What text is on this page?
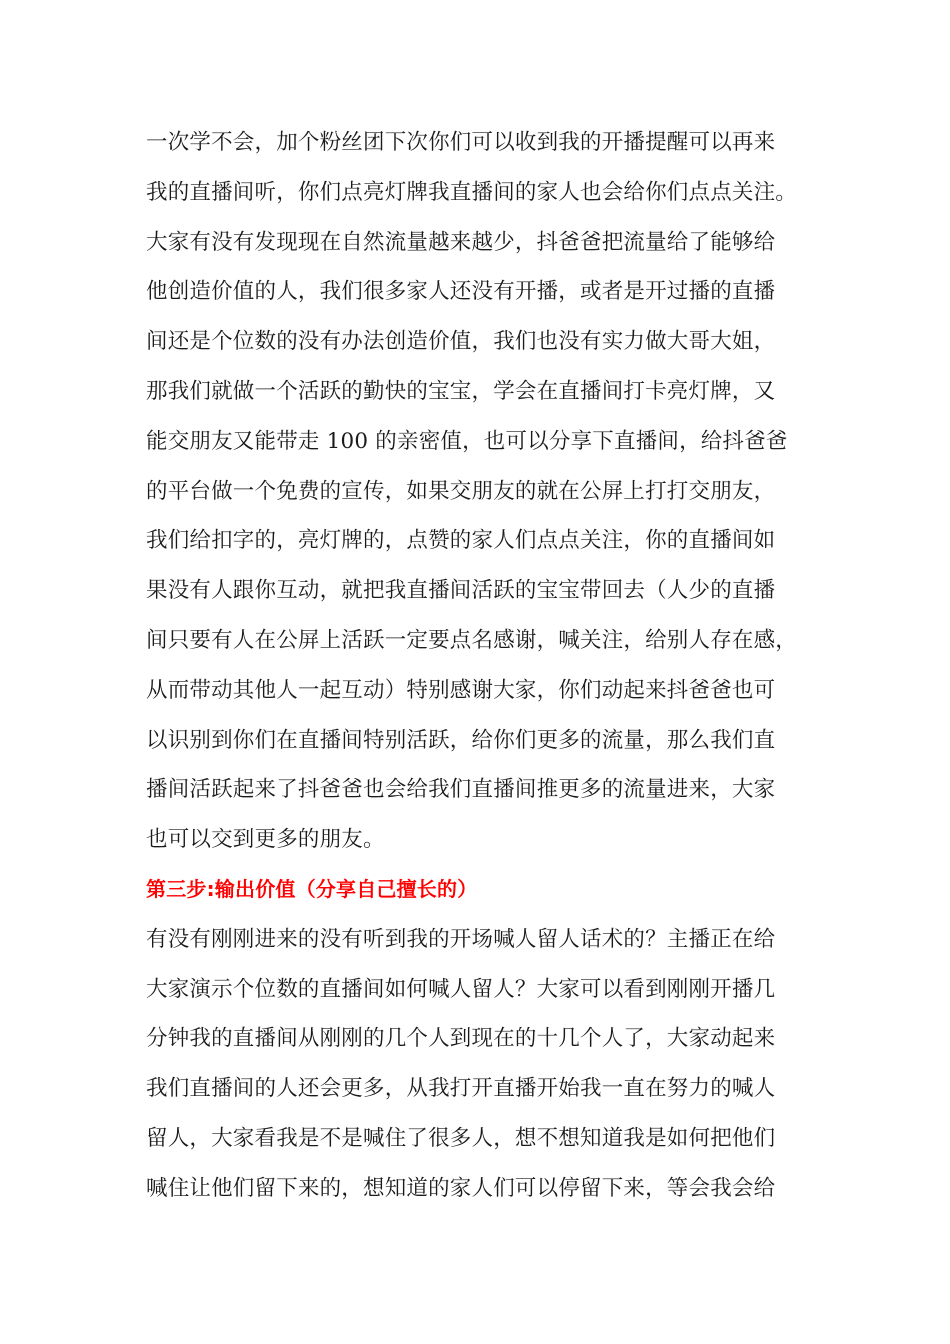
一次学不会，加个粉丝团下次你们可以收到我的开播提醒可以再来
我的直播间听，你们点亮灯牌我直播间的家人也会给你们点点关注。
大家有没有发现现在自然流量越来越少，抖爸爸把流量给了能够给
他创造价值的人，我们很多家人还没有开播，或者是开过播的直播
间还是个位数的没有办法创造价值，我们也没有实力做大哥大姐，
那我们就做一个活跃的勤快的宝宝，学会在直播间打卡亮灯牌，又
能交朋友又能带走 100 的亲密值，也可以分享下直播间，给抖爸爸
的平台做一个免费的宣传，如果交朋友的就在公屏上打打交朋友，
我们给扣字的，亮灯牌的，点赞的家人们点点关注，你的直播间如
果没有人跟你互动，就把我直播间活跃的宝宝带回去（人少的直播
间只要有人在公屏上活跃一定要点名感谢，喊关注，给别人存在感，
从而带动其他人一起互动）特别感谢大家，你们动起来抖爸爸也可
以识别到你们在直播间特别活跃，给你们更多的流量，那么我们直
播间活跃起来了抖爸爸也会给我们直播间推更多的流量进来，大家
也可以交到更多的朋友。
第三步:输出价值（分享自己擅长的）
有没有刚刚进来的没有听到我的开场喊人留人话术的？主播正在给
大家演示个位数的直播间如何喊人留人？大家可以看到刚刚开播几
分钟我的直播间从刚刚的几个人到现在的十几个人了，大家动起来
我们直播间的人还会更多，从我打开直播开始我一直在努力的喊人
留人，大家看我是不是喊住了很多人，想不想知道我是如何把他们
喊住让他们留下来的，想知道的家人们可以停留下来，等会我会给
